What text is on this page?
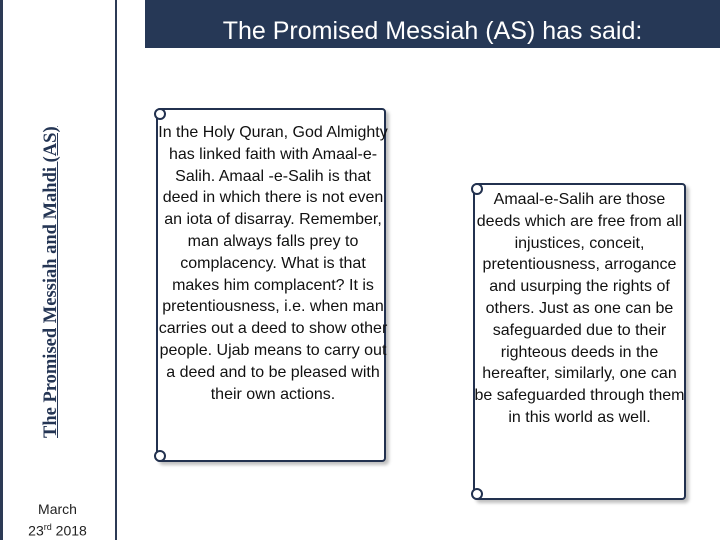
The Promised Messiah and Mahdi (AS)
March
23rd 2018
The Promised Messiah (AS) has said:
In the Holy Quran, God Almighty has linked faith with Amaal-e-Salih. Amaal -e-Salih is that deed in which there is not even an iota of disarray. Remember, man always falls prey to complacency. What is that makes him complacent? It is pretentiousness, i.e. when man carries out a deed to show other people. Ujab means to carry out a deed and to be pleased with their own actions.
Amaal-e-Salih are those deeds which are free from all injustices, conceit, pretentiousness, arrogance and usurping the rights of others. Just as one can be safeguarded due to their righteous deeds in the hereafter, similarly, one can be safeguarded through them in this world as well.
